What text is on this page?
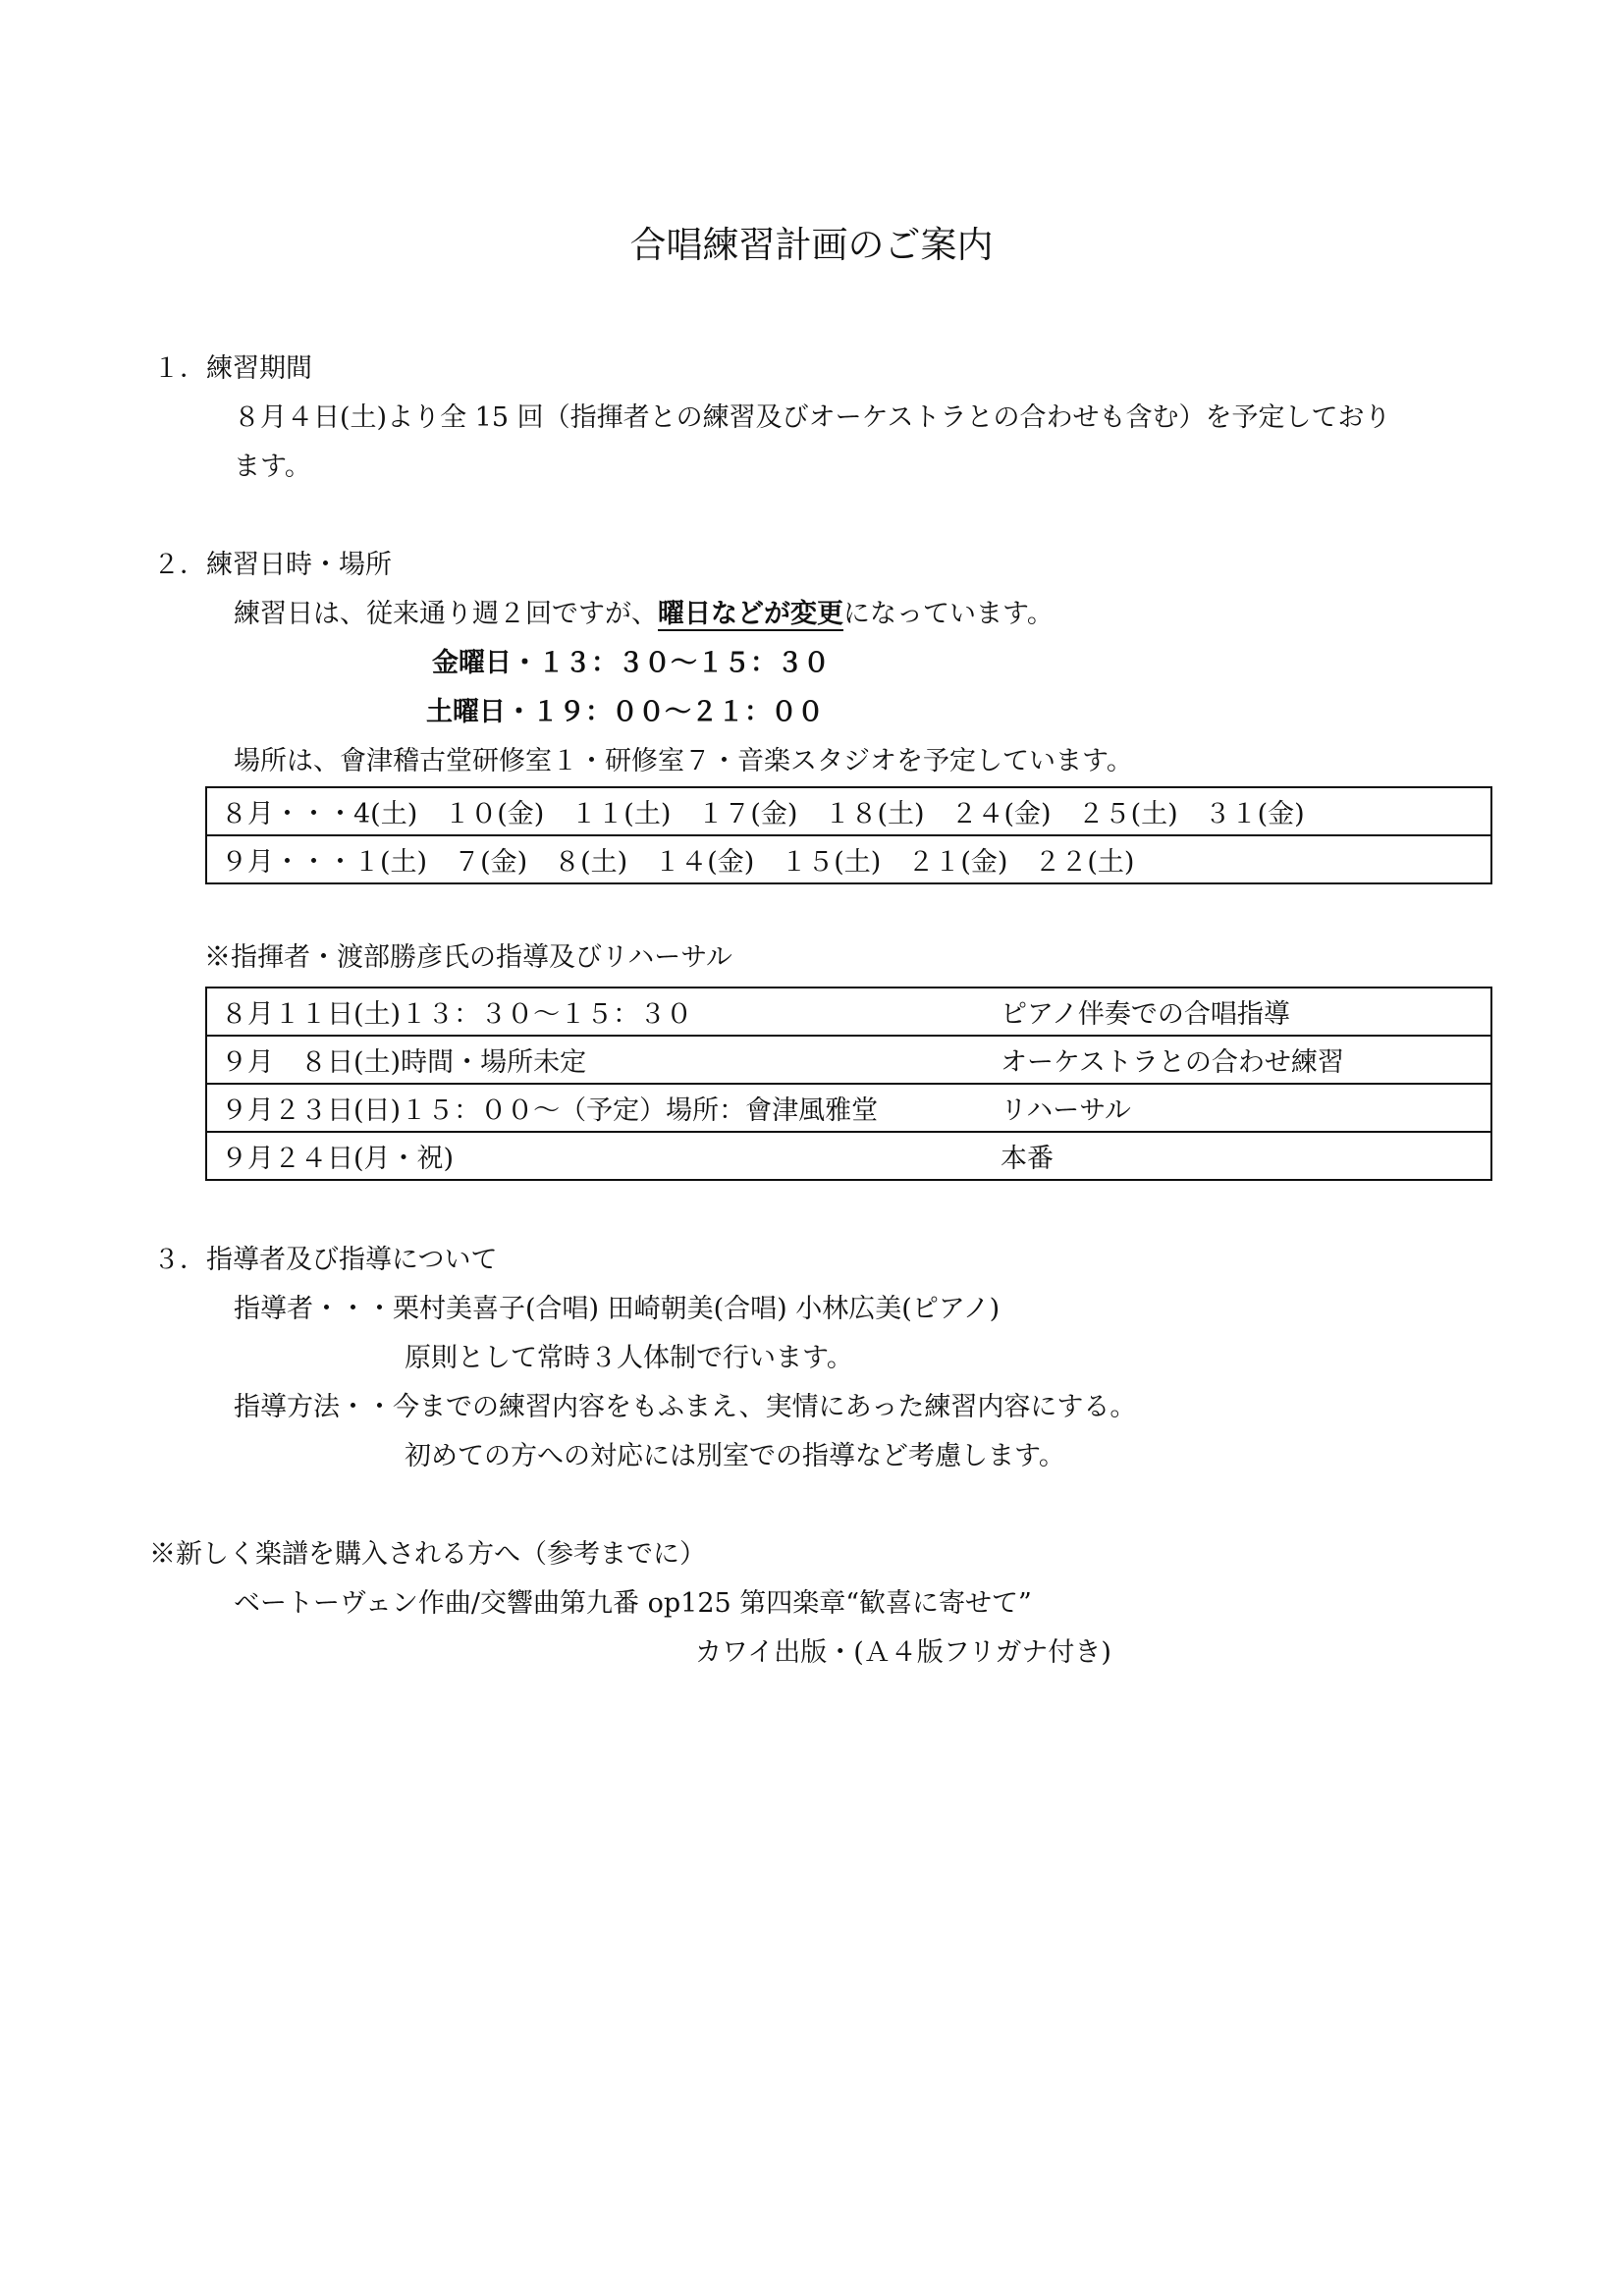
合唱練習計画のご案内
１．練習期間
８月４日(土)より全 15 回（指揮者との練習及びオーケストラとの合わせも含む）を予定しており
ます。
２．練習日時・場所
練習日は、従来通り週２回ですが、曜日などが変更になっています。
金曜日・１３：３０～１５：３０
土曜日・１９：００～２１：００
場所は、會津稽古堂研修室１・研修室７・音楽スタジオを予定しています。
８月・・・4(土)　１０(金)　１１(土)　１７(金)　１８(土)　２４(金)　２５(土)　３１(金)
９月・・・１(土)　７(金)　８(土)　１４(金)　１５(土)　２１(金)　２２(土)
※指揮者・渡部勝彦氏の指導及びリハーサル
８月１１日(土)１３：３０～１５：３０	ピアノ伴奏での合唱指導
９月　８日(土)時間・場所未定	オーケストラとの合わせ練習
９月２３日(日)１５：００～（予定）場所：會津風雅堂	リハーサル
９月２４日(月・祝)	本番
３．指導者及び指導について
指導者・・・栗村美喜子(合唱) 田崎朝美(合唱) 小林広美(ピアノ)
原則として常時３人体制で行います。
指導方法・・今までの練習内容をもふまえ、実情にあった練習内容にする。
初めての方への対応には別室での指導など考慮します。
※新しく楽譜を購入される方へ（参考までに）
ベートーヴェン作曲/交響曲第九番 op125 第四楽章“歓喜に寄せて”
カワイ出版・(Ａ４版フリガナ付き)
